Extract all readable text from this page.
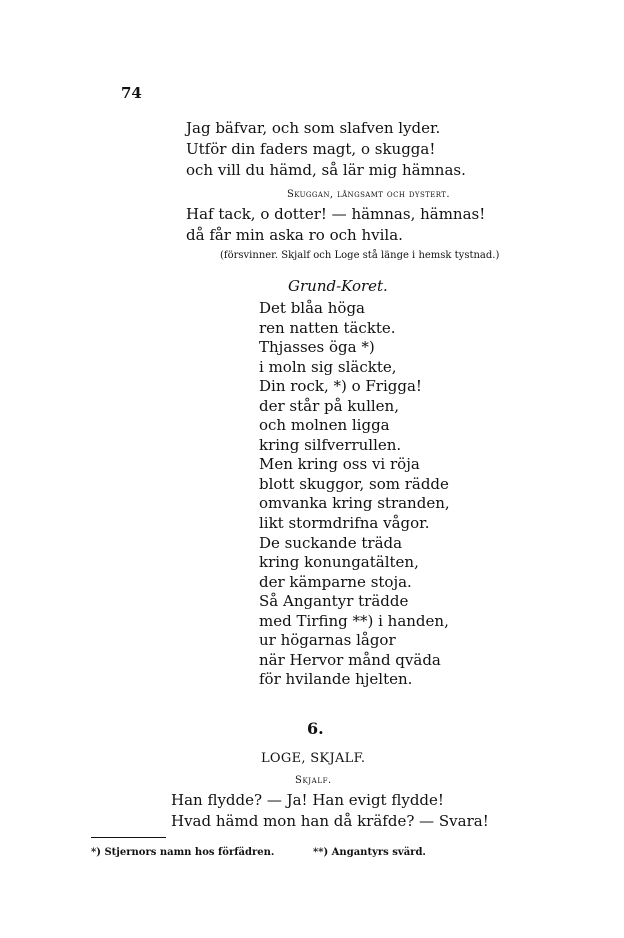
74
Jag bäfvar, och som slafven lyder.
Utför din faders magt, o skugga!
och vill du hämd, så lär mig hämnas.
Skuggan, långsamt och dystert.
Haf tack, o dotter! — hämnas, hämnas!
då får min aska ro och hvila.
(försvinner. Skjalf och Loge stå länge i hemsk tystnad.)
Grund-Koret.
Det blåa höga
ren natten täckte.
Thjasses öga *)
i moln sig släckte,
Din rock, *) o Frigga!
der står på kullen,
och molnen ligga
kring silfverrullen.
Men kring oss vi röja
blott skuggor, som rädde
omvanka kring stranden,
likt stormdrifna vågor.
De suckande träda
kring konungatälten,
der kämparne stoja.
Så Angantyr trädde
med Tirfing **) i handen,
ur högarnas lågor
när Hervor månd qväda
för hvilande hjelten.
6.
LOGE, SKJALF.
Skjalf.
Han flydde? — Ja! Han evigt flydde!
Hvad hämd mon han då kräfde? — Svara!
*) Stjernors namn hos förfädren.	**) Angantyrs svärd.
